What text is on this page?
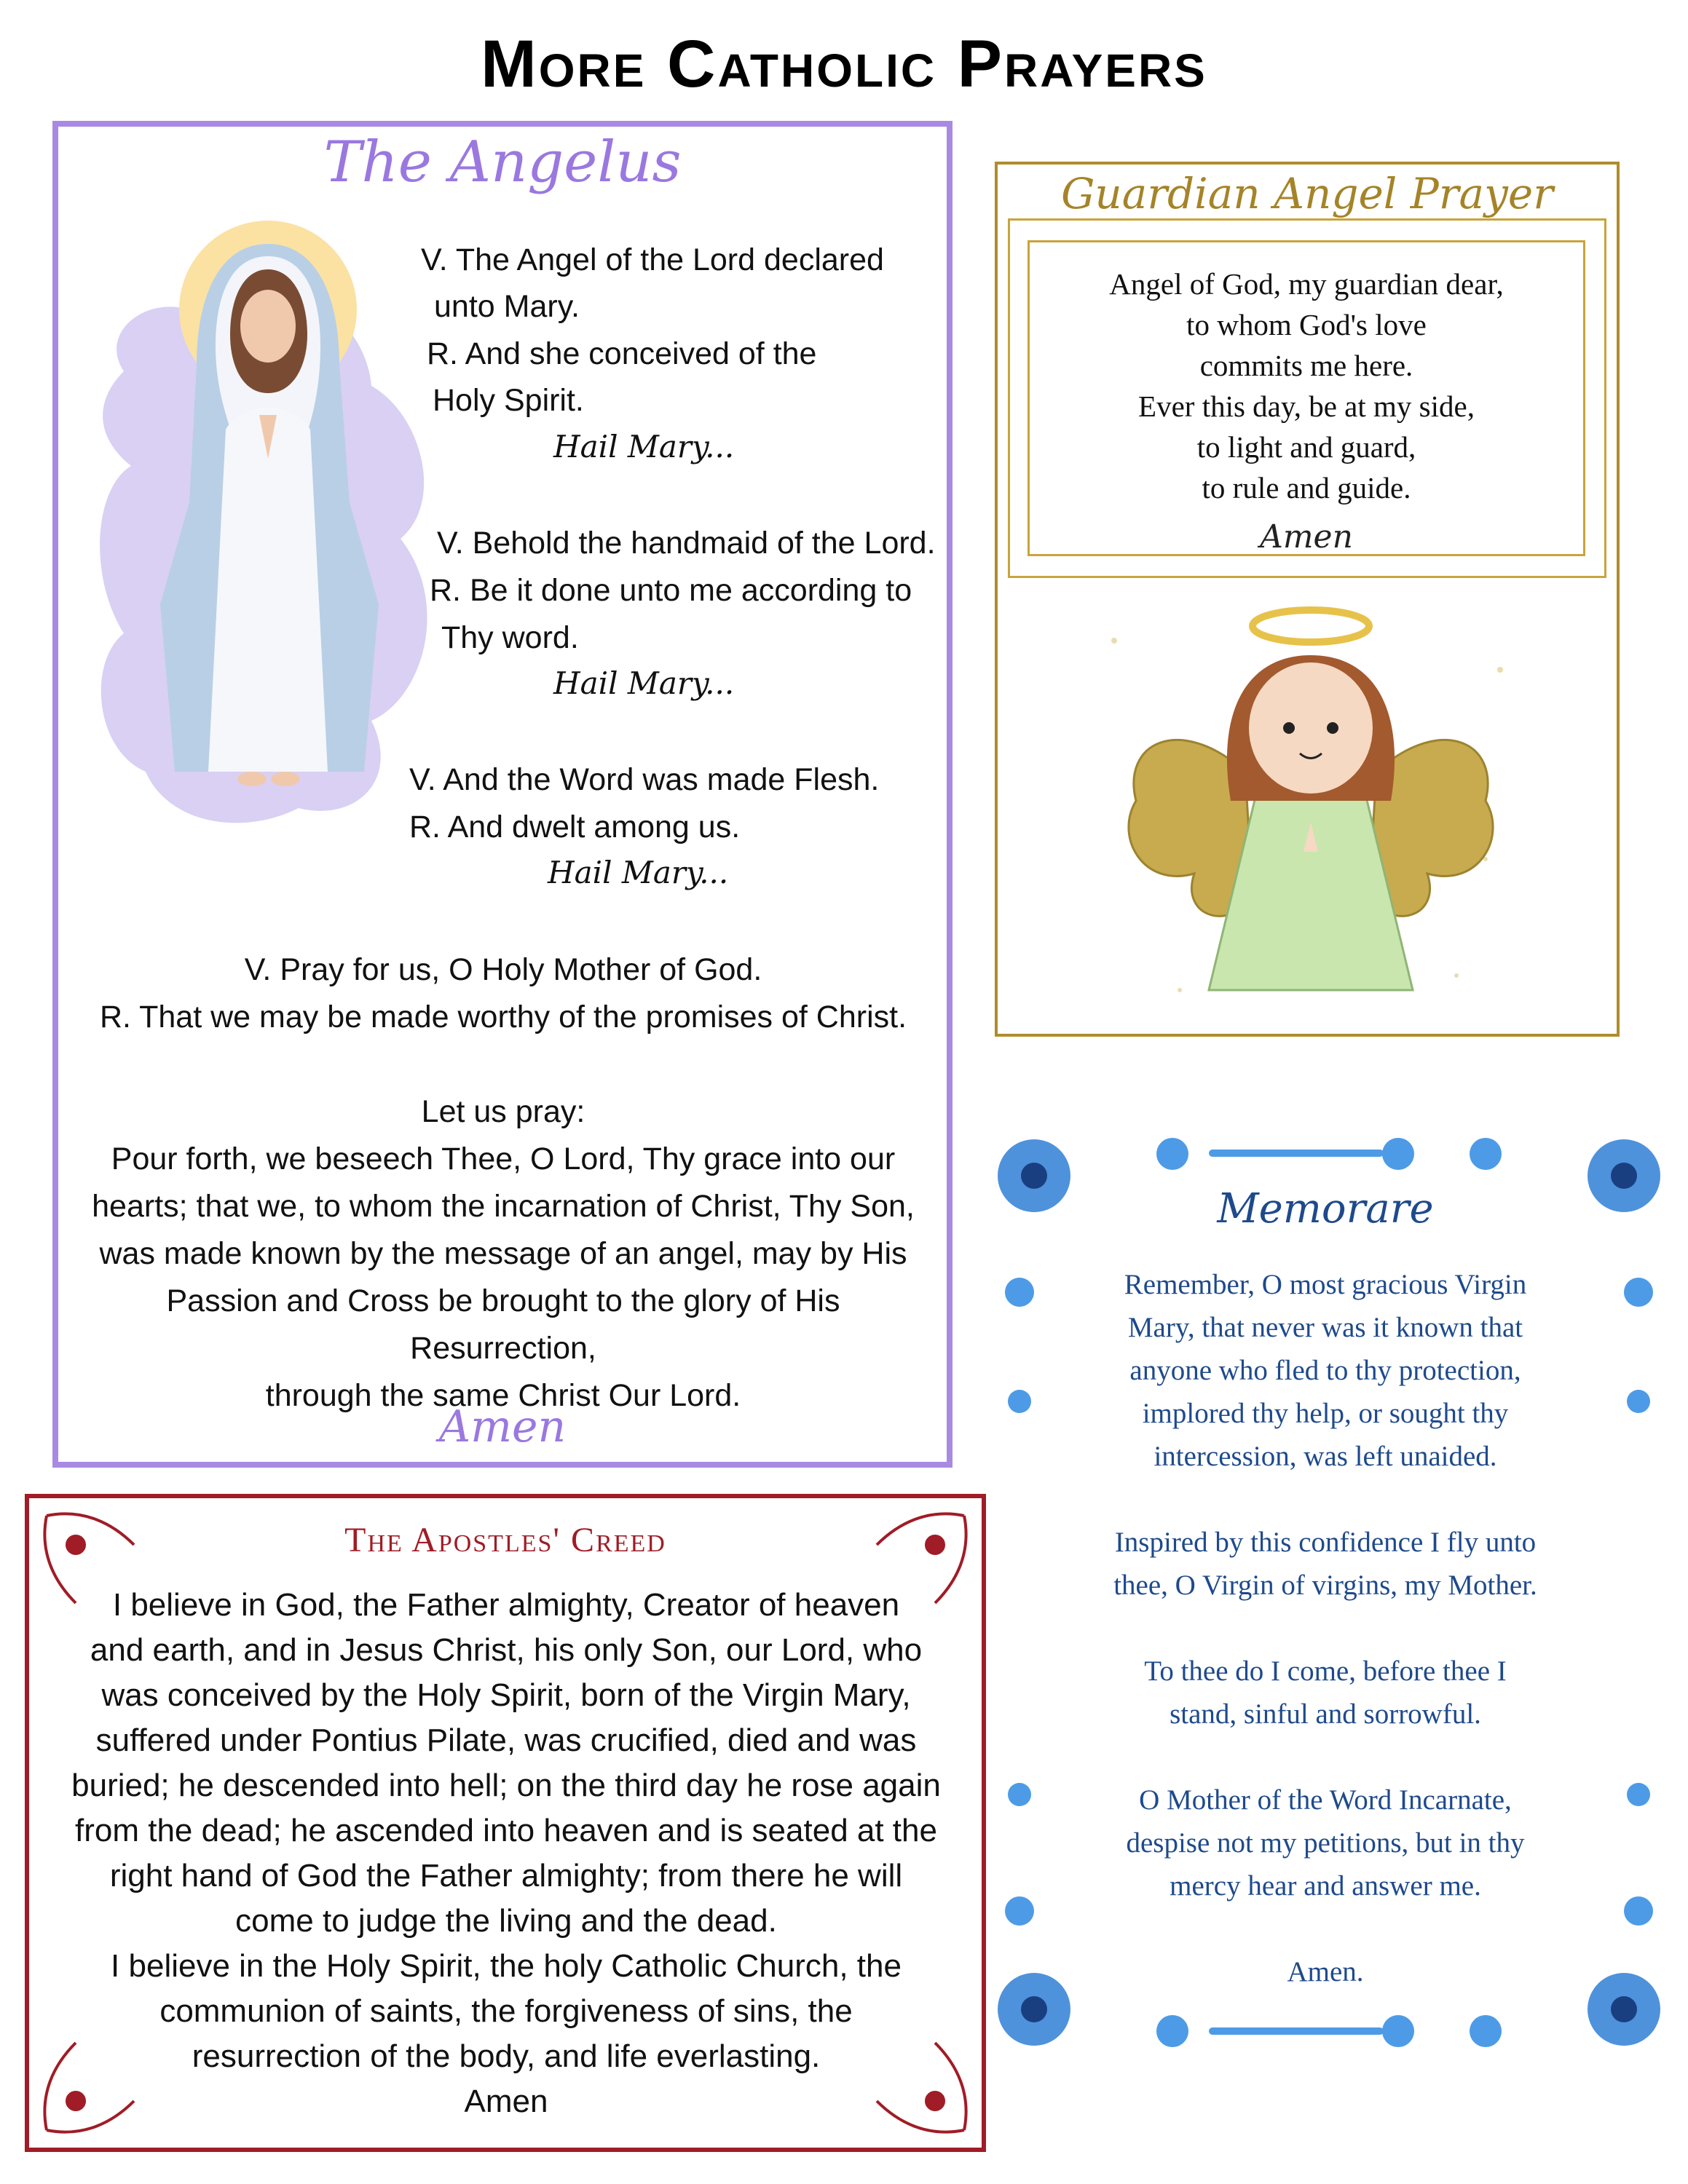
More Catholic Prayers
The Angelus
V. The Angel of the Lord declared
unto Mary.
R. And she conceived of the
Holy Spirit.
Hail Mary...
V. Behold the handmaid of the Lord.
R. Be it done unto me according to
Thy word.
Hail Mary...
V. And the Word was made Flesh.
R. And dwelt among us.
Hail Mary...
V. Pray for us, O Holy Mother of God.
R. That we may be made worthy of the promises of Christ.
Let us pray:
Pour forth, we beseech Thee, O Lord, Thy grace into our
hearts; that we, to whom the incarnation of Christ, Thy Son,
was made known by the message of an angel, may by His
Passion and Cross be brought to the glory of His Resurrection,
through the same Christ Our Lord.
Amen
Guardian Angel Prayer
Angel of God, my guardian dear,
to whom God's love
commits me here.
Ever this day, be at my side,
to light and guard,
to rule and guide.
Amen
Memorare
Remember, O most gracious Virgin
Mary, that never was it known that
anyone who fled to thy protection,
implored thy help, or sought thy
intercession, was left unaided.

Inspired by this confidence I fly unto
thee, O Virgin of virgins, my Mother.

To thee do I come, before thee I
stand, sinful and sorrowful.

O Mother of the Word Incarnate,
despise not my petitions, but in thy
mercy hear and answer me.

Amen.
The Apostles' Creed
I believe in God, the Father almighty, Creator of heaven
and earth, and in Jesus Christ, his only Son, our Lord, who
was conceived by the Holy Spirit, born of the Virgin Mary,
suffered under Pontius Pilate, was crucified, died and was
buried; he descended into hell; on the third day he rose again
from the dead; he ascended into heaven and is seated at the
right hand of God the Father almighty; from there he will
come to judge the living and the dead.
I believe in the Holy Spirit, the holy Catholic Church, the
communion of saints, the forgiveness of sins, the
resurrection of the body, and life everlasting.
Amen
